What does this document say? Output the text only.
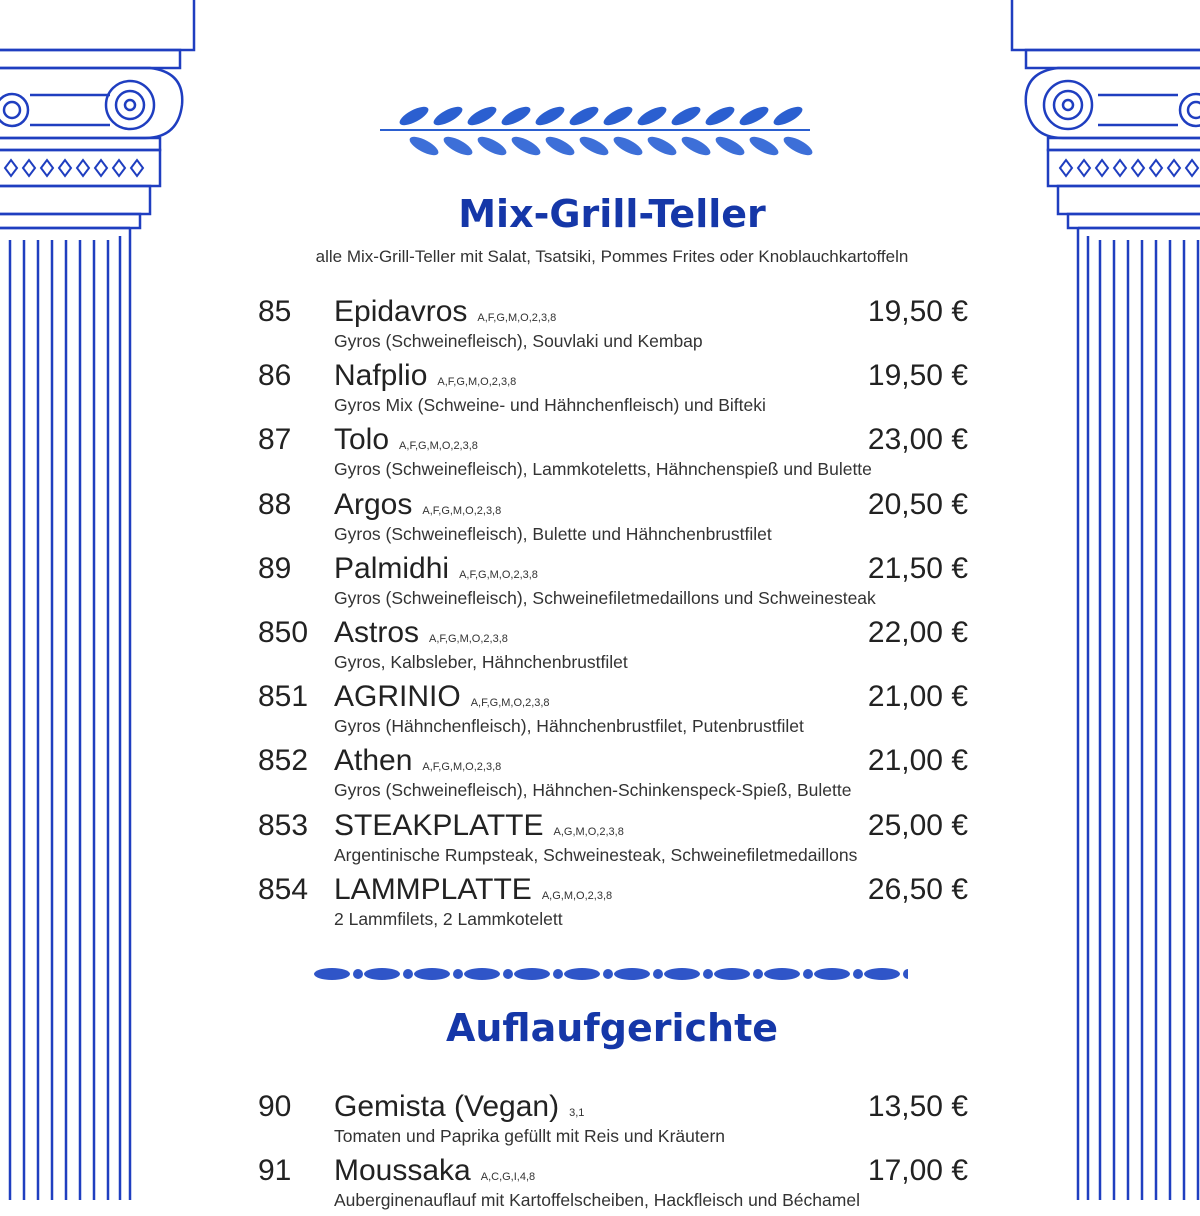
Mix-Grill-Teller
alle Mix-Grill-Teller mit Salat, Tsatsiki, Pommes Frites oder Knoblauchkartoffeln
85 Epidavros A,F,G,M,O,2,3,8	19,50 €
Gyros (Schweinefleisch), Souvlaki und Kembap
86 Nafplio A,F,G,M,O,2,3,8	19,50 €
Gyros Mix (Schweine- und Hähnchenfleisch) und Bifteki
87 Tolo A,F,G,M,O,2,3,8	23,00 €
Gyros (Schweinefleisch), Lammkoteletts, Hähnchenspieß und Bulette
88 Argos A,F,G,M,O,2,3,8	20,50 €
Gyros (Schweinefleisch), Bulette und Hähnchenbrustfilet
89 Palmidhi A,F,G,M,O,2,3,8	21,50 €
Gyros (Schweinefleisch), Schweinefiletmedaillons und Schweinesteak
850 Astros A,F,G,M,O,2,3,8	22,00 €
Gyros, Kalbsleber, Hähnchenbrustfilet
851 AGRINIO A,F,G,M,O,2,3,8	21,00 €
Gyros (Hähnchenfleisch), Hähnchenbrustfilet, Putenbrustfilet
852 Athen A,F,G,M,O,2,3,8	21,00 €
Gyros (Schweinefleisch), Hähnchen-Schinkenspeck-Spieß, Bulette
853 STEAKPLATTE A,G,M,O,2,3,8	25,00 €
Argentinische Rumpsteak, Schweinesteak, Schweinefiletmedaillons
854 LAMMPLATTE A,G,M,O,2,3,8	26,50 €
2 Lammfilets, 2 Lammkotelett
Auflaufgerichte
90 Gemista (Vegan) 3,1	13,50 €
Tomaten und Paprika gefüllt mit Reis und Kräutern
91 Moussaka A,C,G,I,4,8	17,00 €
Auberginenauflauf mit Kartoffelscheiben, Hackfleisch und Béchamel
